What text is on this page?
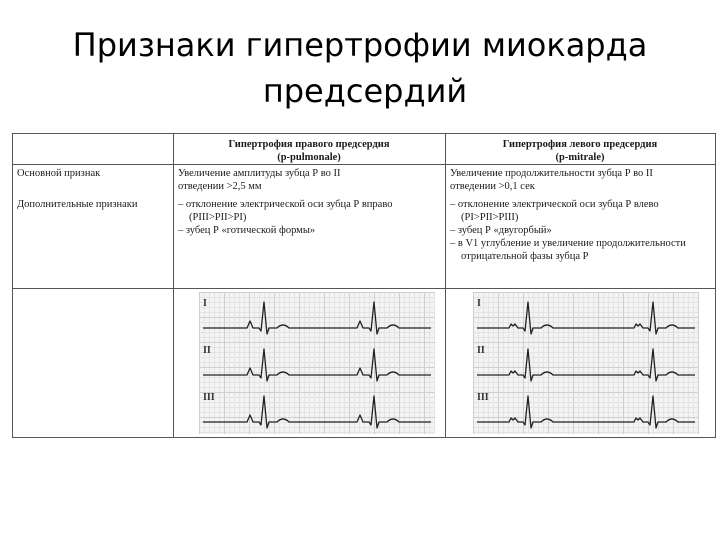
Признаки гипертрофии миокарда
предсердий
Гипертрофия правого предсердия
(p-pulmonale)
Гипертрофия левого предсердия
(p-mitrale)
Основной признак
Дополнительные признаки
Увеличение амплитуды зубца Р во II
отведении >2,5 мм
– отклонение электрической оси зубца Р вправо (РIII>РII>РI)
– зубец Р «готической формы»
Увеличение продолжительности зубца Р во II
отведении >0,1 сек
– отклонение электрической оси зубца Р влево (РI>РII>РIII)
– зубец Р «двугорбый»
– в V1 углубление и увеличение продолжительности отрицательной фазы зубца Р
I
II
III
I
II
III
